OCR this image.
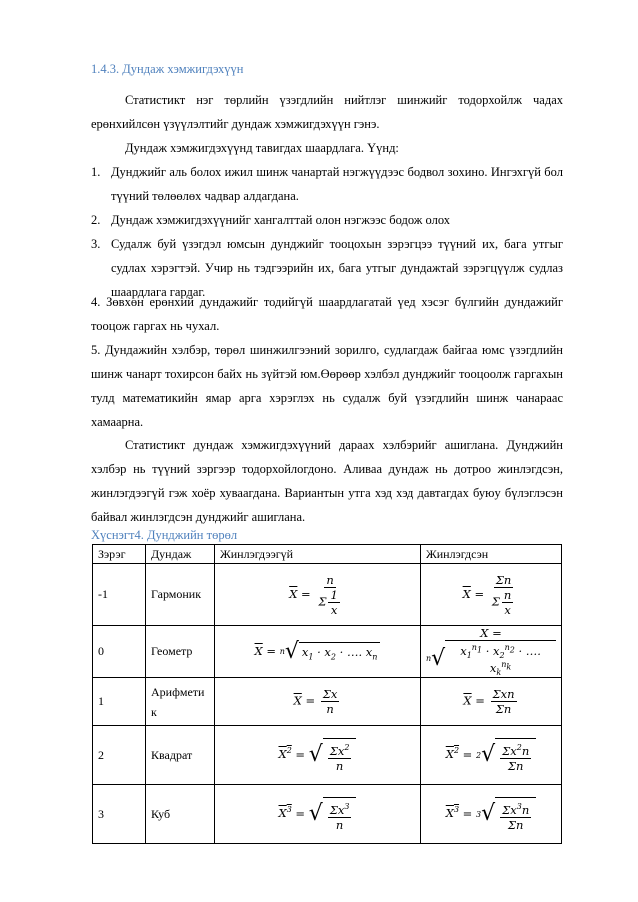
1.4.3. Дундаж хэмжигдэхүүн
Статистикт нэг төрлийн үзэгдлийн нийтлэг шинжийг тодорхойлж чадах ерөнхийлсөн үзүүлэлтийг дундаж хэмжигдэхүүн гэнэ.
Дундаж хэмжигдэхүүнд тавигдах шаардлага. Үүнд:
1. Дунджийг аль болох ижил шинж чанартай нэгжүүдээс бодвол зохино. Ингэхгүй бол түүний төлөөлөх чадвар алдагдана.
2. Дундаж хэмжигдэхүүнийг хангалттай олон нэгжээс бодож олох
3. Судалж буй үзэгдэл юмсын дунджийг тооцохын зэрэгцээ түүний их, бага утгыг судлах хэрэгтэй. Учир нь тэдгээрийн их, бага утгыг дундажтай зэрэгцүүлж судлаз шаардлага гардаг.
4. Зөвхөн ерөнхий дундажийг тодийгүй шаардлагатай үед хэсэг бүлгийн дундажийг тооцож гаргах нь чухал.
5. Дундажийн хэлбэр, төрөл шинжилгээний зорилго, судлагдаж байгаа юмс үзэгдлийн шинж чанарт тохирсон байх нь зүйтэй юм.Өөрөөр хэлбэл дунджийг тооцоолж гаргахын тулд математикийн ямар арга хэрэглэх нь судалж буй үзэгдлийн шинж чанараас хамаарна.
Статистикт дундаж хэмжигдэхүүний дараах хэлбэрийг ашиглана. Дунджийн хэлбэр нь түүний зэргээр тодорхойлогдоно. Аливаа дундаж нь дотроо жинлэгдсэн, жинлэгдээгүй гэж хоёр хуваагдана. Вариантын утга хэд хэд давтагдах буюу бүлэглэсэн байвал жинлэгдсэн дунджийг ашиглана.
Хүснэгт4. Дунджийн төрөл
Зэрэг	Дундаж	Жинлэгдээгүй	Жинлэгдсэн
-1	Гармоник	$\overline{X} = \frac{n}{\Sigma \frac{1}{x}}$	$\overline{X} = \frac{\Sigma n}{\Sigma \frac{n}{x}}$

0	Геометр	$\overline{X} = n$ √ $x_1 \cdot x_2$ · …. $x_n$	$\overline{X}$ =
n √ $x_1^{n_1} \cdot x_2^{n_2}$ · …. $x_k^{n_k}$

1	Арифметик	$\overline{X} = \frac{\Sigma x}{n}$	$\overline{X} = \frac{\text{Σxn}}{\Sigma n}$

2	Квадрат	$X^2$ = √ $\frac{\Sigma x^2}{n}$	$X^2 = 2$ √ $\frac{\Sigma x^2n}{\Sigma n}$

3	Куб	$X^3$ = √ $\frac{\Sigma x^3}{n}$	$X^3 = 3$ √ $\frac{\Sigma x^3n}{\Sigma n}$
